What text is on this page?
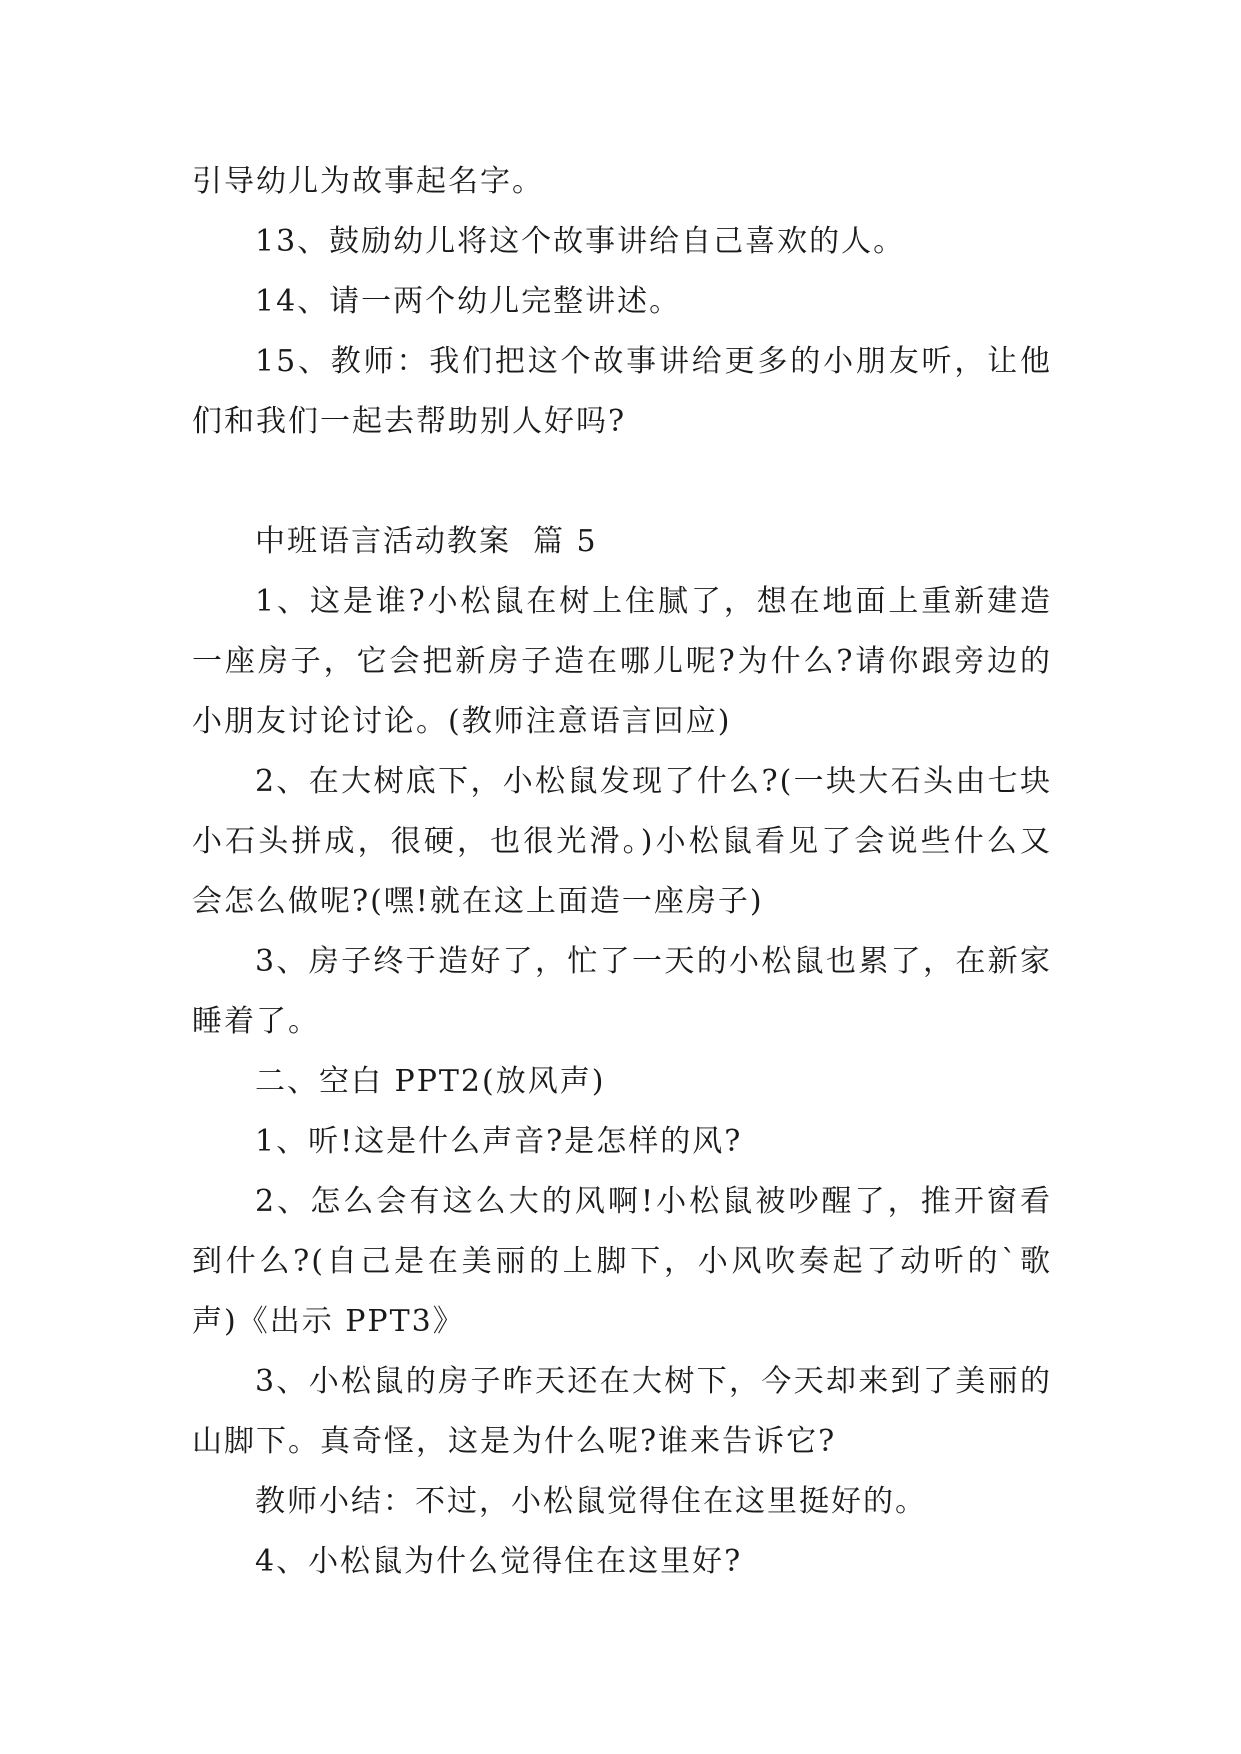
引导幼儿为故事起名字。

13、鼓励幼儿将这个故事讲给自己喜欢的人。

14、请一两个幼儿完整讲述。

15、教师：我们把这个故事讲给更多的小朋友听，让他们和我们一起去帮助别人好吗?

中班语言活动教案 篇 5

1、这是谁?小松鼠在树上住腻了，想在地面上重新建造一座房子，它会把新房子造在哪儿呢?为什么?请你跟旁边的小朋友讨论讨论。(教师注意语言回应)

2、在大树底下，小松鼠发现了什么?(一块大石头由七块小石头拼成，很硬，也很光滑。)小松鼠看见了会说些什么又会怎么做呢?(嘿!就在这上面造一座房子)

3、房子终于造好了，忙了一天的小松鼠也累了，在新家睡着了。

二、空白 PPT2(放风声)

1、听!这是什么声音?是怎样的风?

2、怎么会有这么大的风啊!小松鼠被吵醒了，推开窗看到什么?(自己是在美丽的上脚下，小风吹奏起了动听的`歌声)《出示 PPT3》

3、小松鼠的房子昨天还在大树下，今天却来到了美丽的山脚下。真奇怪，这是为什么呢?谁来告诉它?

教师小结：不过，小松鼠觉得住在这里挺好的。

4、小松鼠为什么觉得住在这里好?
